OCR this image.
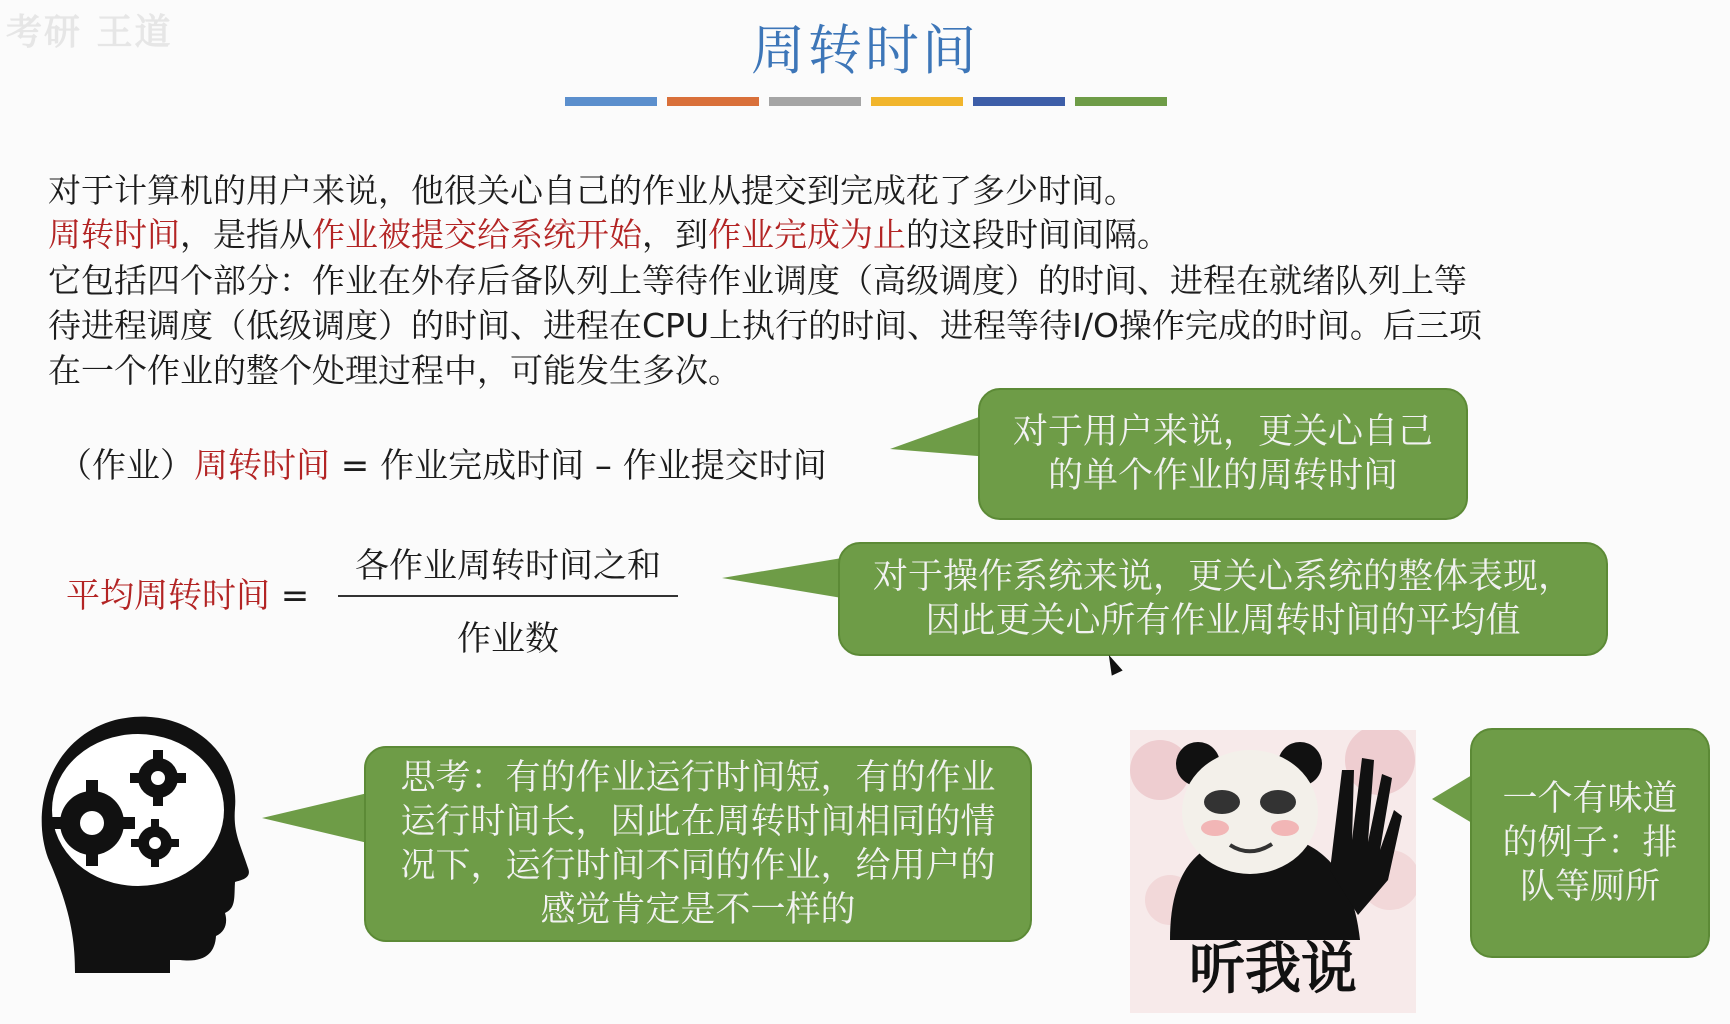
考研 王道	周转时间
对于计算机的用户来说，他很关心自己的作业从提交到完成花了多少时间。
周转时间，是指从作业被提交给系统开始，到作业完成为止的这段时间间隔。
它包括四个部分：作业在外存后备队列上等待作业调度（高级调度）的时间、进程在就绪队列上等
待进程调度（低级调度）的时间、进程在CPU上执行的时间、进程等待I/O操作完成的时间。后三项
在一个作业的整个处理过程中，可能发生多次。
（作业）周转时间 = 作业完成时间 – 作业提交时间
平均周转时间 =
各作业周转时间之和
作业数
对于用户来说，更关心自己的单个作业的周转时间
对于操作系统来说，更关心系统的整体表现，因此更关心所有作业周转时间的平均值
思考：有的作业运行时间短，有的作业运行时间长，因此在周转时间相同的情况下，运行时间不同的作业，给用户的感觉肯定是不一样的
听我说
一个有味道的例子：排队等厕所
